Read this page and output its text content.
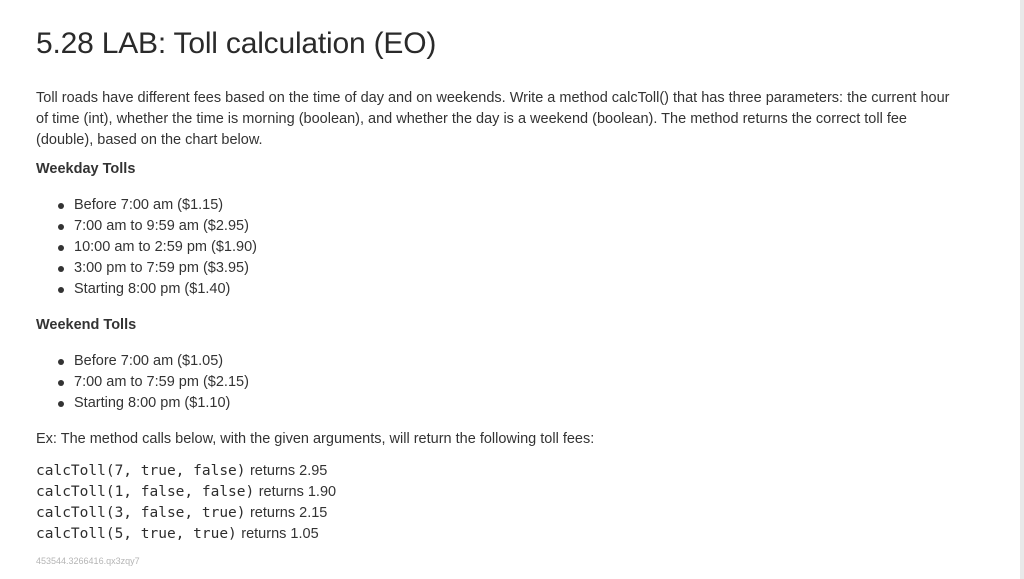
5.28 LAB: Toll calculation (EO)

Toll roads have different fees based on the time of day and on weekends. Write a method calcToll() that has three parameters: the current hour of time (int), whether the time is morning (boolean), and whether the day is a weekend (boolean). The method returns the correct toll fee (double), based on the chart below.

Weekday Tolls
Before 7:00 am ($1.15)
7:00 am to 9:59 am ($2.95)
10:00 am to 2:59 pm ($1.90)
3:00 pm to 7:59 pm ($3.95)
Starting 8:00 pm ($1.40)
Weekend Tolls
Before 7:00 am ($1.05)
7:00 am to 7:59 pm ($2.15)
Starting 8:00 pm ($1.10)

Ex: The method calls below, with the given arguments, will return the following toll fees:

calcToll(7, true, false) returns 2.95
calcToll(1, false, false) returns 1.90
calcToll(3, false, true) returns 2.15
calcToll(5, true, true) returns 1.05

453544.3266416.qx3zqy7
